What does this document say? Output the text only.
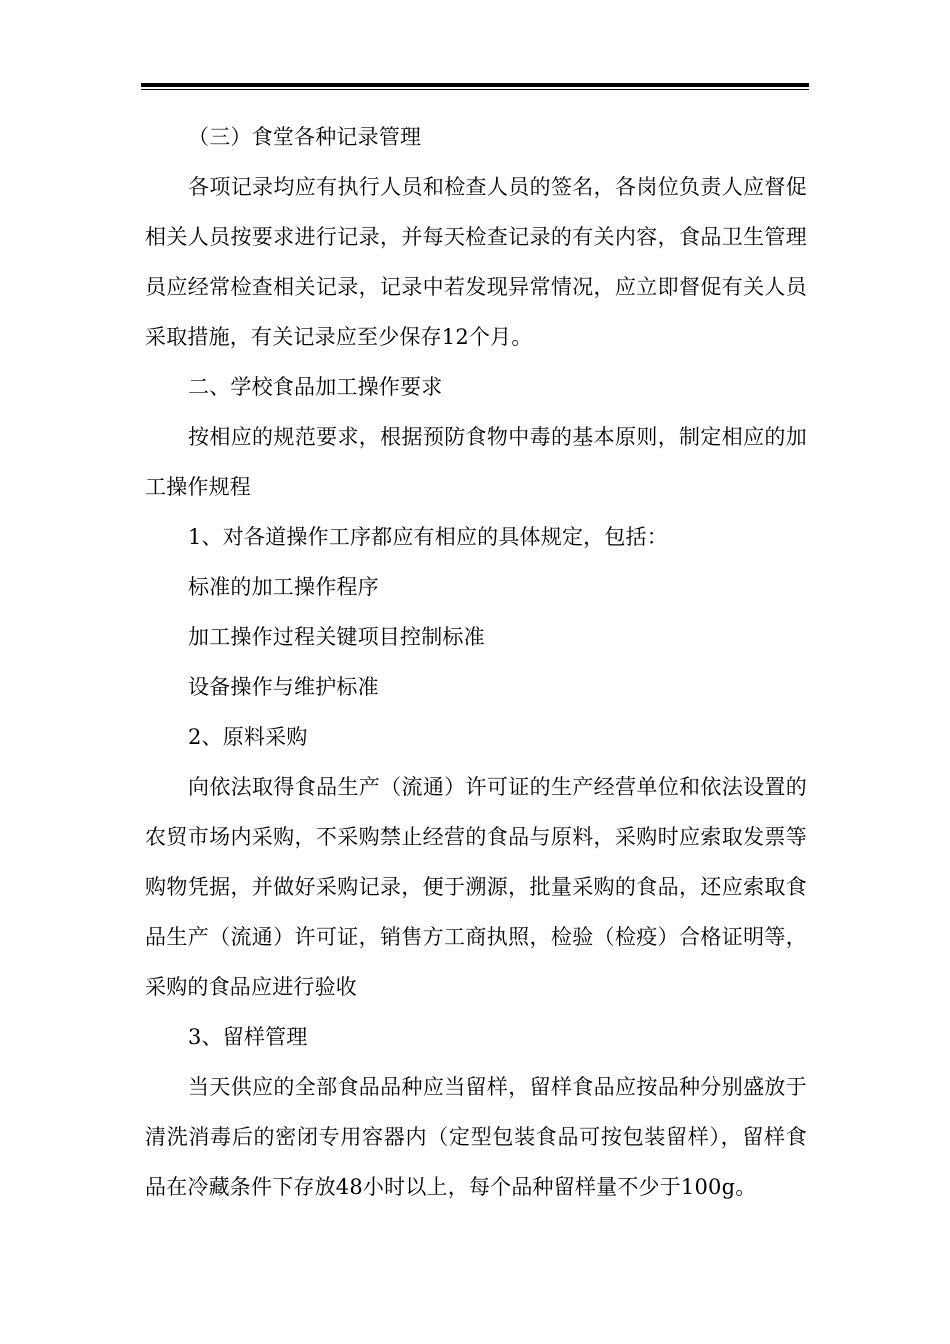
（三）食堂各种记录管理

各项记录均应有执行人员和检查人员的签名，各岗位负责人应督促相关人员按要求进行记录，并每天检查记录的有关内容，食品卫生管理员应经常检查相关记录，记录中若发现异常情况，应立即督促有关人员采取措施，有关记录应至少保存12个月。

二、学校食品加工操作要求

按相应的规范要求，根据预防食物中毒的基本原则，制定相应的加工操作规程

1、对各道操作工序都应有相应的具体规定，包括：

标准的加工操作程序

加工操作过程关键项目控制标准

设备操作与维护标准

2、原料采购

向依法取得食品生产（流通）许可证的生产经营单位和依法设置的农贸市场内采购，不采购禁止经营的食品与原料，采购时应索取发票等购物凭据，并做好采购记录，便于溯源，批量采购的食品，还应索取食品生产（流通）许可证，销售方工商执照，检验（检疫）合格证明等，采购的食品应进行验收

3、留样管理

当天供应的全部食品品种应当留样，留样食品应按品种分别盛放于清洗消毒后的密闭专用容器内（定型包装食品可按包装留样），留样食品在冷藏条件下存放48小时以上，每个品种留样量不少于100g。
